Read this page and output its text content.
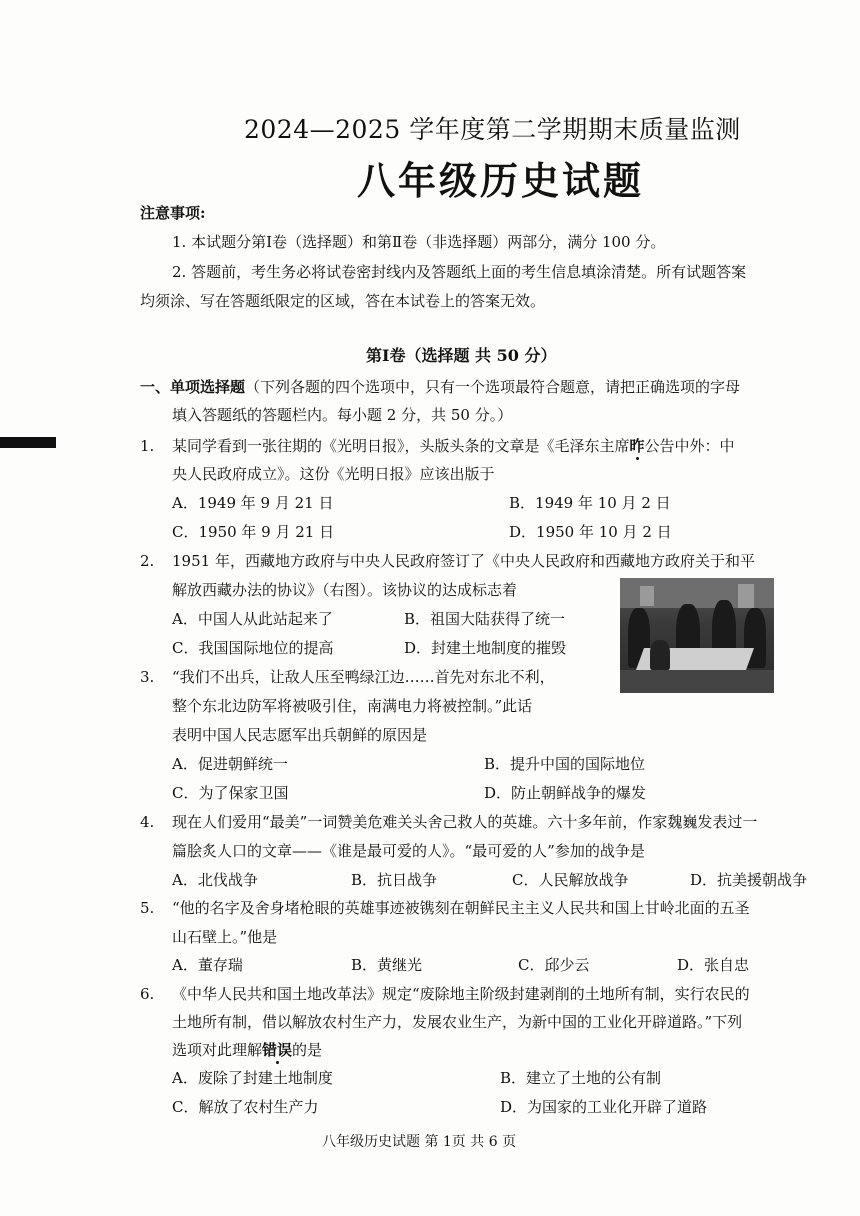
2024—2025 学年度第二学期期末质量监测
八年级历史试题
注意事项:
1. 本试题分第Ⅰ卷（选择题）和第Ⅱ卷（非选择题）两部分，满分 100 分。
2. 答题前，考生务必将试卷密封线内及答题纸上面的考生信息填涂清楚。所有试题答案
均须涂、写在答题纸限定的区域，答在本试卷上的答案无效。
第Ⅰ卷（选择题 共 50 分）
一、单项选择题（下列各题的四个选项中，只有一个选项最符合题意，请把正确选项的字母
填入答题纸的答题栏内。每小题 2 分，共 50 分。）
1. 某同学看到一张往期的《光明日报》，头版头条的文章是《毛泽东主席昨公告中外：中
央人民政府成立》。这份《光明日报》应该出版于
A．1949 年 9 月 21 日	B．1949 年 10 月 2 日
C．1950 年 9 月 21 日	D．1950 年 10 月 2 日
2. 1951 年，西藏地方政府与中央人民政府签订了《中央人民政府和西藏地方政府关于和平
解放西藏办法的协议》（右图）。该协议的达成标志着
A．中国人从此站起来了	B．祖国大陆获得了统一
C．我国国际地位的提高	D．封建土地制度的摧毁
3. “我们不出兵，让敌人压至鸭绿江边……首先对东北不利，
整个东北边防军将被吸引住，南满电力将被控制。”此话
表明中国人民志愿军出兵朝鲜的原因是
A．促进朝鲜统一	B．提升中国的国际地位
C．为了保家卫国	D．防止朝鲜战争的爆发
4. 现在人们爱用“最美”一词赞美危难关头舍己救人的英雄。六十多年前，作家魏巍发表过一
篇脍炙人口的文章——《谁是最可爱的人》。“最可爱的人”参加的战争是
A．北伐战争	B．抗日战争	C．人民解放战争	D．抗美援朝战争
5. “他的名字及舍身堵枪眼的英雄事迹被镌刻在朝鲜民主主义人民共和国上甘岭北面的五圣
山石壁上。”他是
A．董存瑞	B．黄继光	C．邱少云	D．张自忠
6. 《中华人民共和国土地改革法》规定“废除地主阶级封建剥削的土地所有制，实行农民的
土地所有制，借以解放农村生产力，发展农业生产，为新中国的工业化开辟道路。”下列
选项对此理解错误的是
A．废除了封建土地制度	B．建立了土地的公有制
C．解放了农村生产力	D．为国家的工业化开辟了道路
八年级历史试题 第 1页 共 6 页
